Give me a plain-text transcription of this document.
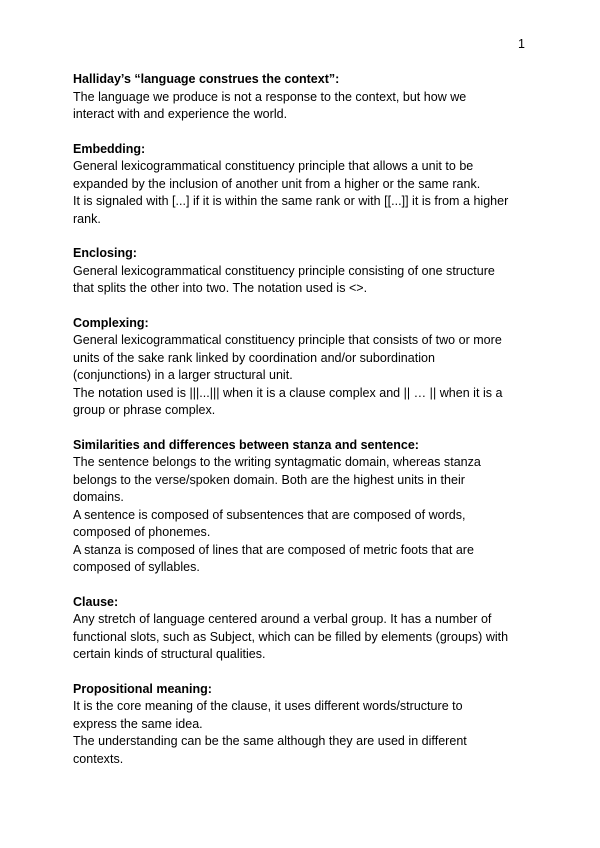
1

Halliday’s “language construes the context”:

The language we produce is not a response to the context, but how we

interact with and experience the world.

Embedding:

General lexicogrammatical constituency principle that allows a unit to be

expanded by the inclusion of another unit from a higher or the same rank.

It is signaled with [...] if it is within the same rank or with [[...]] it is from a higher

rank.

Enclosing:

General lexicogrammatical constituency principle consisting of one structure

that splits the other into two. The notation used is <>.

Complexing:

General lexicogrammatical constituency principle that consists of two or more

units of the sake rank linked by coordination and/or subordination

(conjunctions) in a larger structural unit.

The notation used is |||...||| when it is a clause complex and || … || when it is a

group or phrase complex.

Similarities and differences between stanza and sentence:

The sentence belongs to the writing syntagmatic domain, whereas stanza

belongs to the verse/spoken domain. Both are the highest units in their

domains.

A sentence is composed of subsentences that are composed of words,

composed of phonemes.

A stanza is composed of lines that are composed of metric foots that are

composed of syllables.

Clause:

Any stretch of language centered around a verbal group. It has a number of

functional slots, such as Subject, which can be filled by elements (groups) with

certain kinds of structural qualities.

Propositional meaning:

It is the core meaning of the clause, it uses different words/structure to

express the same idea.

The understanding can be the same although they are used in different

contexts.
